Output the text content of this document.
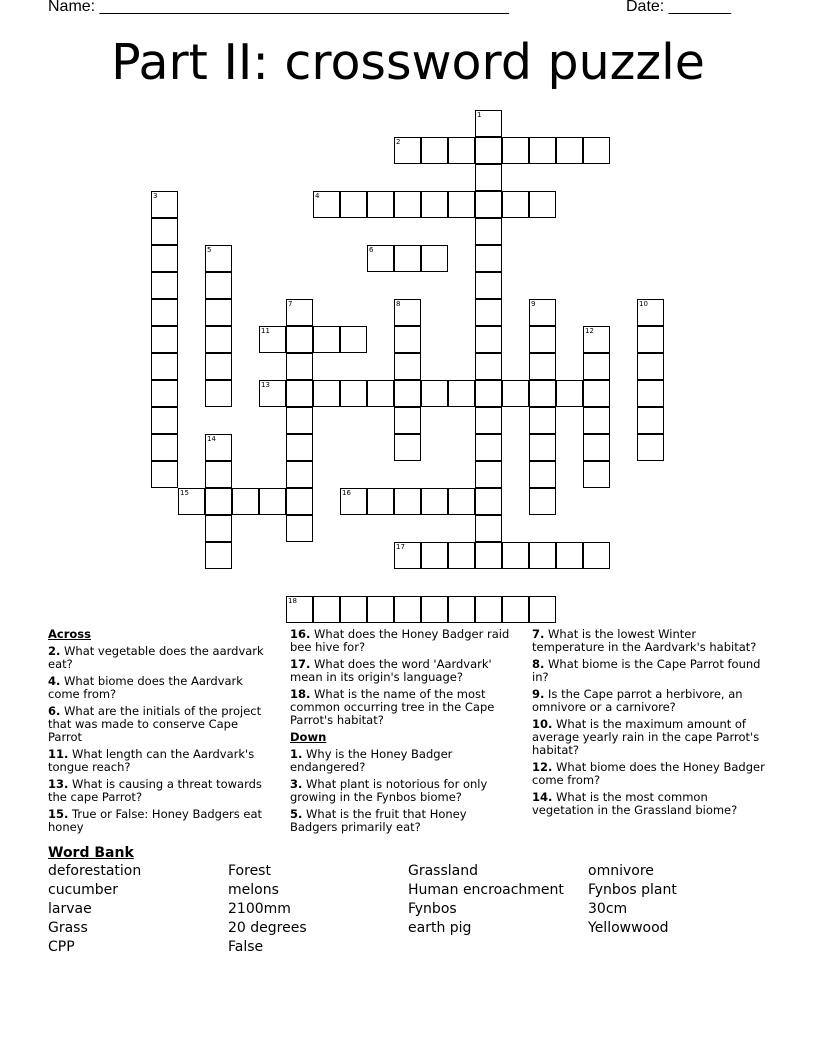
Name: ______________________________________________	Date: _______
Part II: crossword puzzle
1
2
4
3
5	6
7	8	9	10
11	12
13
14
15	16
17
18

Across

2. What vegetable does the aardvark eat?

4. What biome does the Aardvark come from?

6. What are the initials of the project that was made to conserve Cape Parrot

11. What length can the Aardvark's tongue reach?

13. What is causing a threat towards the cape Parrot?

15. True or False: Honey Badgers eat honey

16. What does the Honey Badger raid bee hive for?

17. What does the word 'Aardvark' mean in its origin's language?

18. What is the name of the most common occurring tree in the Cape Parrot's habitat?

Down

1. Why is the Honey Badger endangered?

3. What plant is notorious for only growing in the Fynbos biome?

5. What is the fruit that Honey Badgers primarily eat?

7. What is the lowest Winter temperature in the Aardvark's habitat?

8. What biome is the Cape Parrot found in?

9. Is the Cape parrot a herbivore, an omnivore or a carnivore?

10. What is the maximum amount of average yearly rain in the cape Parrot's habitat?

12. What biome does the Honey Badger come from?

14. What is the most common vegetation in the Grassland biome?

Word Bank
deforestation	Forest	Grassland	omnivore
cucumber	melons	Human encroachment	Fynbos plant
larvae	2100mm	Fynbos	30cm
Grass	20 degrees	earth pig	Yellowwood
CPP	False
